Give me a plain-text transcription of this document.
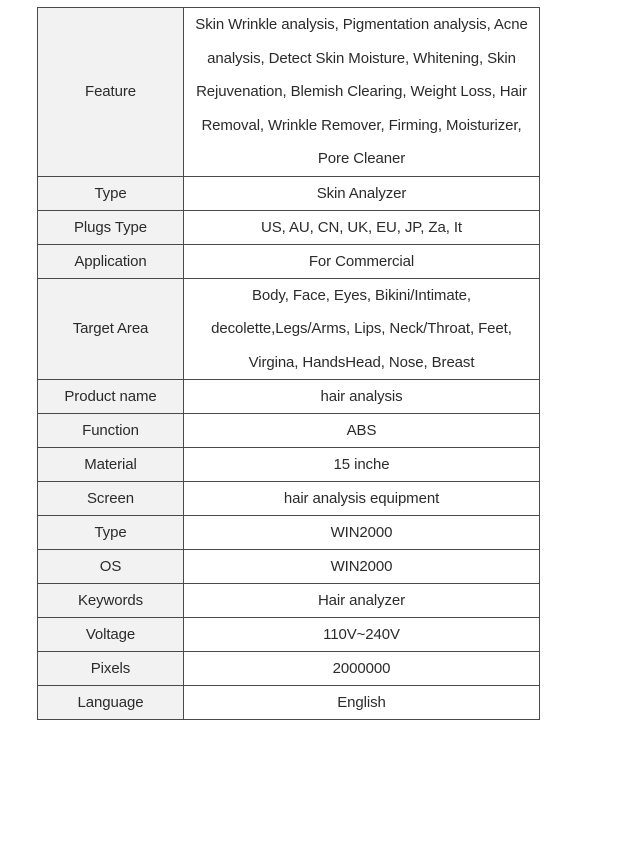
Feature	Skin Wrinkle analysis, Pigmentation analysis, Acne analysis, Detect Skin Moisture, Whitening, Skin Rejuvenation, Blemish Clearing, Weight Loss, Hair Removal, Wrinkle Remover, Firming, Moisturizer, Pore Cleaner
Type	Skin Analyzer
Plugs Type	US, AU, CN, UK, EU, JP, Za, It
Application	For Commercial
Target Area	Body, Face, Eyes, Bikini/Intimate, decolette,Legs/Arms, Lips, Neck/Throat, Feet, Virgina, HandsHead, Nose, Breast
Product name	hair analysis
Function	ABS
Material	15 inche
Screen	hair analysis equipment
Type	WIN2000
OS	WIN2000
Keywords	Hair analyzer
Voltage	110V~240V
Pixels	2000000
Language	English
